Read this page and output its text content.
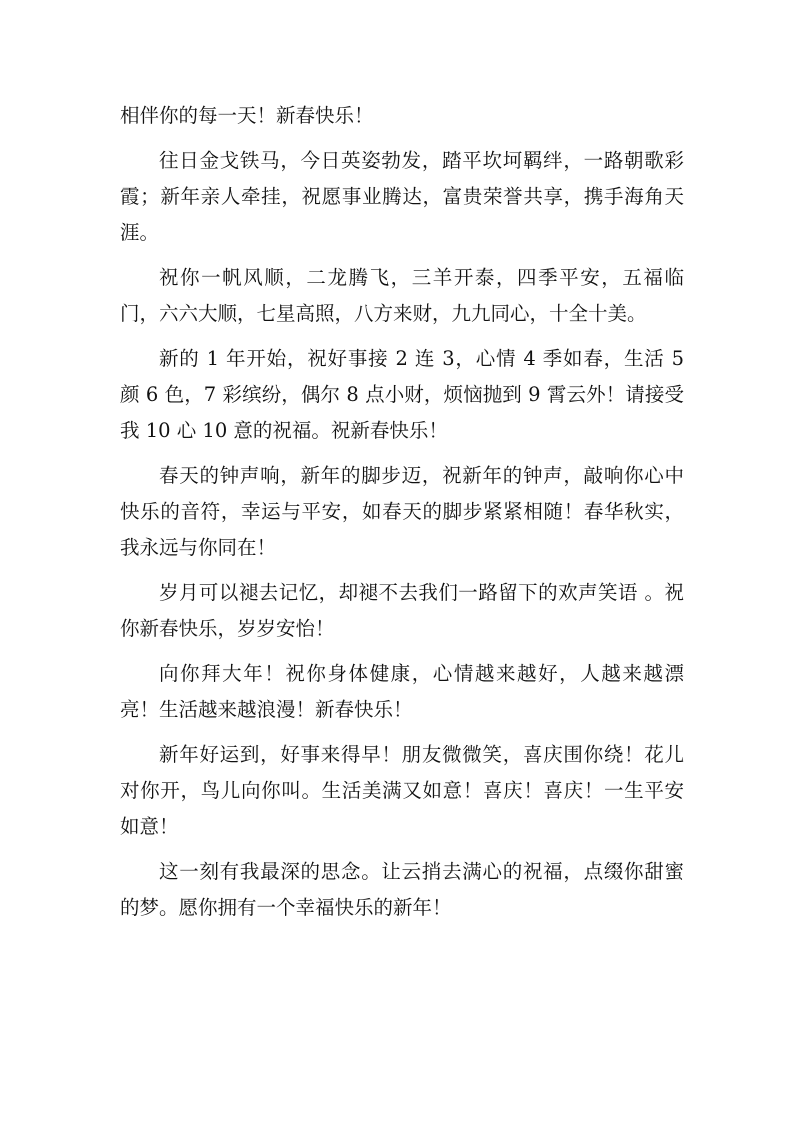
相伴你的每一天！新春快乐！

往日金戈铁马，今日英姿勃发，踏平坎坷羁绊，一路朝歌彩霞；新年亲人牵挂，祝愿事业腾达，富贵荣誉共享，携手海角天涯。

祝你一帆风顺，二龙腾飞，三羊开泰，四季平安，五福临门，六六大顺，七星高照，八方来财，九九同心，十全十美。

新的 1 年开始，祝好事接 2 连 3，心情 4 季如春，生活 5 颜 6 色，7 彩缤纷，偶尔 8 点小财，烦恼抛到 9 霄云外！请接受我 10 心 10 意的祝福。祝新春快乐！

春天的钟声响，新年的脚步迈，祝新年的钟声，敲响你心中快乐的音符，幸运与平安，如春天的脚步紧紧相随！春华秋实，我永远与你同在！

岁月可以褪去记忆，却褪不去我们一路留下的欢声笑语 。祝你新春快乐，岁岁安怡！

向你拜大年！祝你身体健康，心情越来越好，人越来越漂亮！生活越来越浪漫！新春快乐！

新年好运到，好事来得早！朋友微微笑，喜庆围你绕！花儿对你开，鸟儿向你叫。生活美满又如意！喜庆！喜庆！一生平安如意！

这一刻有我最深的思念。让云捎去满心的祝福，点缀你甜蜜的梦。愿你拥有一个幸福快乐的新年！
